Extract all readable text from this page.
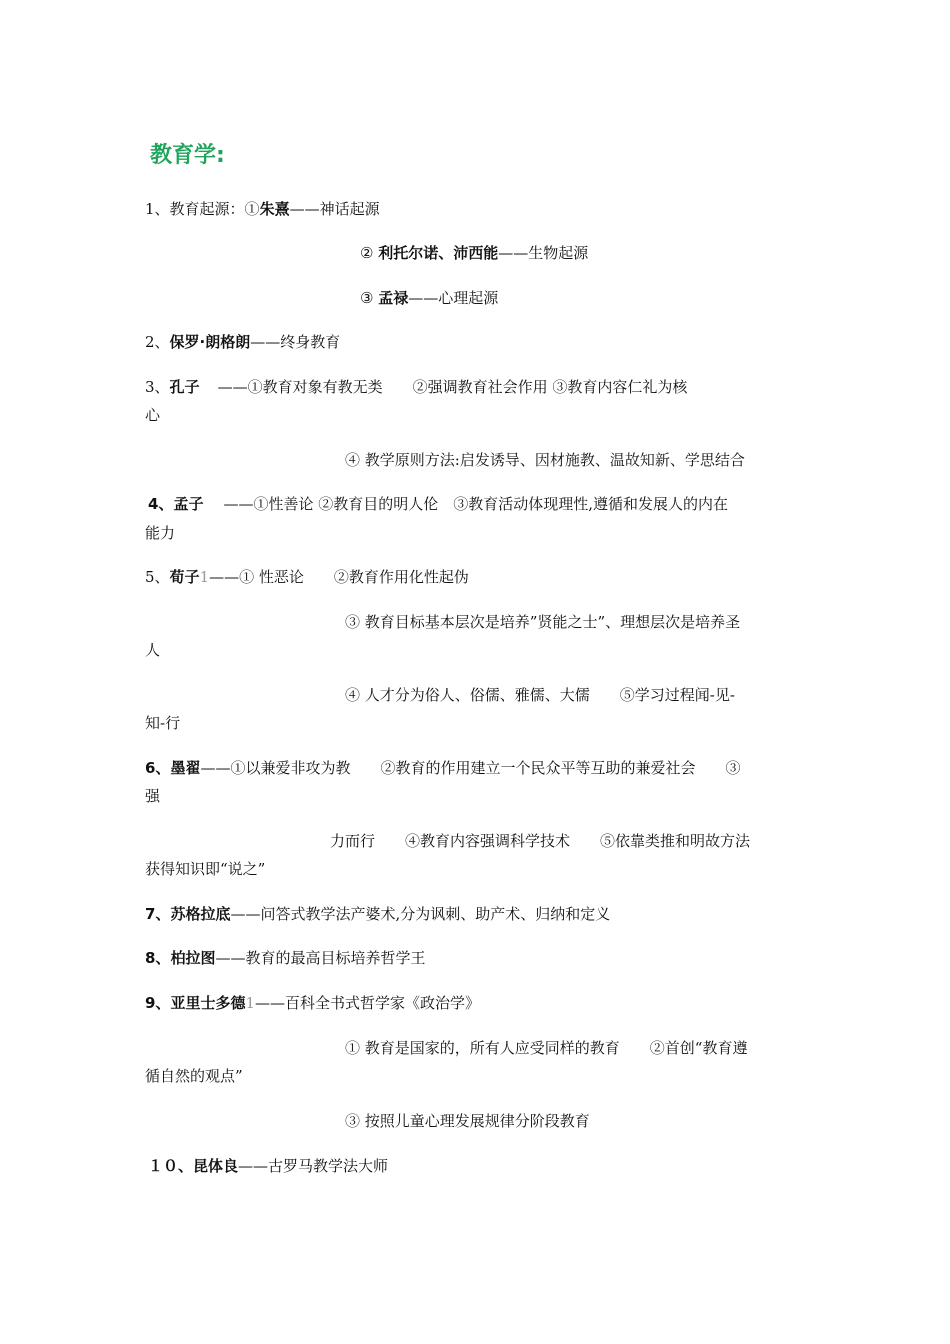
教育学:
1、教育起源：①朱熹——神话起源
② 利托尔诺、沛西能——生物起源
③ 孟禄——心理起源
2、保罗·朗格朗——终身教育
3、孔子 ——①教育对象有教无类　　②强调教育社会作用 ③教育内容仁礼为核
心
④ 教学原则方法:启发诱导、因材施教、温故知新、学思结合
4、孟子 ——①性善论 ②教育目的明人伦　③教育活动体现理性,遵循和发展人的内在
能力
5、荀子1——① 性恶论　　②教育作用化性起伪
③ 教育目标基本层次是培养”贤能之士”、理想层次是培养圣
人
④ 人才分为俗人、俗儒、雅儒、大儒　　⑤学习过程闻-见-
知-行
6、墨翟——①以兼爱非攻为教　　②教育的作用建立一个民众平等互助的兼爱社会　　③
强
力而行　　④教育内容强调科学技术　　⑤依靠类推和明故方法
获得知识即“说之”
7、苏格拉底——问答式教学法产婆术,分为讽刺、助产术、归纳和定义
8、柏拉图——教育的最高目标培养哲学王
9、亚里士多德1——百科全书式哲学家《政治学》
① 教育是国家的，所有人应受同样的教育　　②首创“教育遵
循自然的观点”
③ 按照儿童心理发展规律分阶段教育
１０、昆体良——古罗马教学法大师
